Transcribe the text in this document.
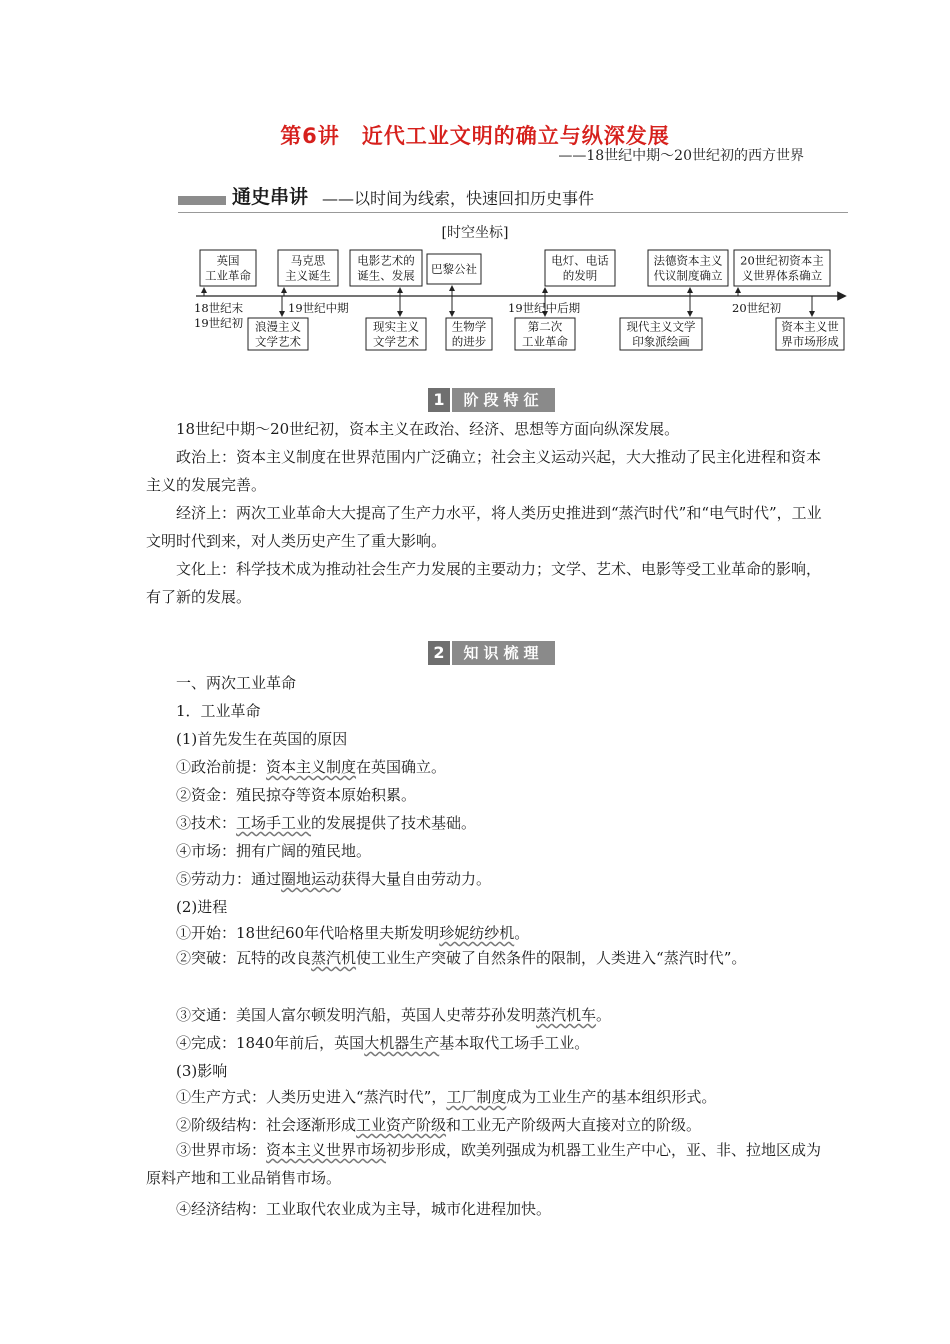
第6讲　近代工业文明的确立与纵深发展
——18世纪中期～20世纪初的西方世界
通史串讲 ——以时间为线索，快速回扣历史事件
[时空坐标]
英国
工业革命
马克思
主义诞生
电影艺术的
诞生、发展 巴黎公社
电灯、电话
的发明
法德资本主义
代议制度确立
20世纪初资本主
义世界体系确立
浪漫主义
文学艺术
现实主义
文学艺术
生物学
的进步
第二次
工业革命
现代主义文学
印象派绘画
资本主义世
界市场形成
18世纪末
19世纪初
19世纪中期	19世纪中后期	20世纪初
1	阶段特征
18世纪中期～20世纪初，资本主义在政治、经济、思想等方面向纵深发展。
政治上：资本主义制度在世界范围内广泛确立；社会主义运动兴起，大大推动了民主化进程和资本主义的发展完善。
经济上：两次工业革命大大提高了生产力水平，将人类历史推进到“蒸汽时代”和“电气时代”，工业文明时代到来，对人类历史产生了重大影响。
文化上：科学技术成为推动社会生产力发展的主要动力；文学、艺术、电影等受工业革命的影响，有了新的发展。
2	知识梳理
一、两次工业革命
1．工业革命
(1)首先发生在英国的原因
①政治前提：资本主义制度在英国确立。
②资金：殖民掠夺等资本原始积累。
③技术：工场手工业的发展提供了技术基础。
④市场：拥有广阔的殖民地。
⑤劳动力：通过圈地运动获得大量自由劳动力。
(2)进程
①开始：18世纪60年代哈格里夫斯发明珍妮纺纱机。
②突破：瓦特的改良蒸汽机使工业生产突破了自然条件的限制，人类进入“蒸汽时代”。
③交通：美国人富尔顿发明汽船，英国人史蒂芬孙发明蒸汽机车。
④完成：1840年前后，英国大机器生产基本取代工场手工业。
(3)影响
①生产方式：人类历史进入“蒸汽时代”，工厂制度成为工业生产的基本组织形式。
②阶级结构：社会逐渐形成工业资产阶级和工业无产阶级两大直接对立的阶级。
③世界市场：资本主义世界市场初步形成，欧美列强成为机器工业生产中心，亚、非、拉地区成为原料产地和工业品销售市场。
④经济结构：工业取代农业成为主导，城市化进程加快。
